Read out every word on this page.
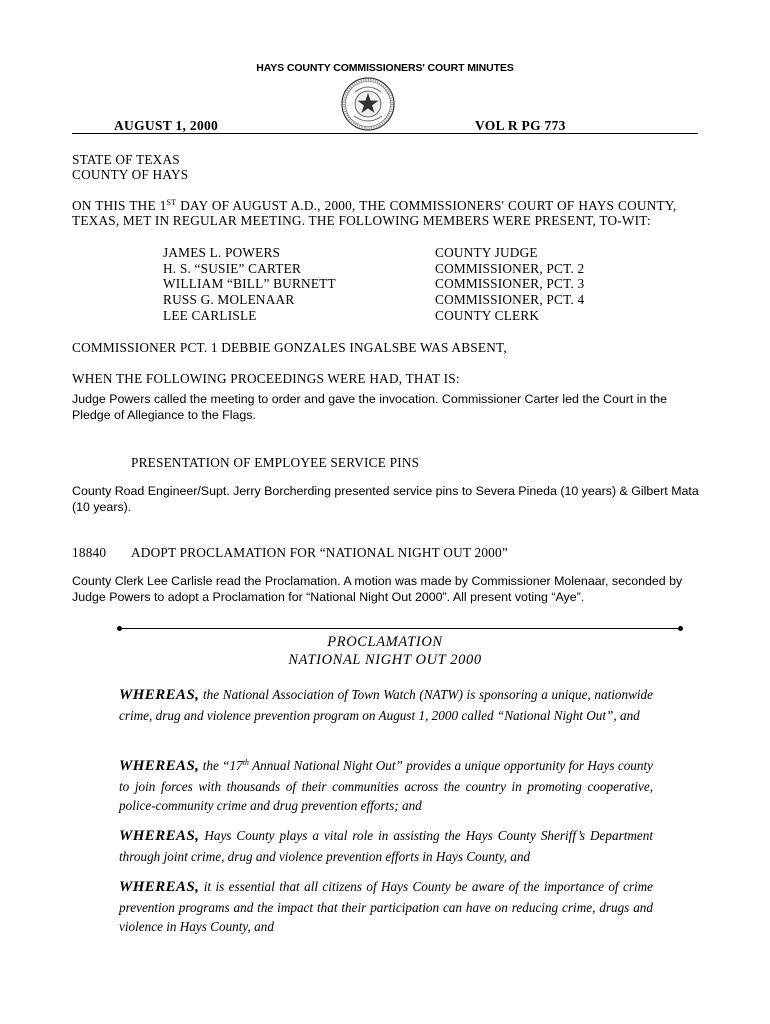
HAYS COUNTY COMMISSIONERS' COURT MINUTES
AUGUST 1, 2000	VOL R PG 773
STATE OF TEXAS
COUNTY OF HAYS
ON THIS THE 1ST DAY OF AUGUST A.D., 2000, THE COMMISSIONERS' COURT OF HAYS COUNTY,
TEXAS, MET IN REGULAR MEETING. THE FOLLOWING MEMBERS WERE PRESENT, TO-WIT:
JAMES L. POWERS	COUNTY JUDGE
H. S. “SUSIE” CARTER	COMMISSIONER, PCT. 2
WILLIAM “BILL” BURNETT	COMMISSIONER, PCT. 3
RUSS G. MOLENAAR	COMMISSIONER, PCT. 4
LEE CARLISLE	COUNTY CLERK
COMMISSIONER PCT. 1 DEBBIE GONZALES INGALSBE WAS ABSENT,
WHEN THE FOLLOWING PROCEEDINGS WERE HAD, THAT IS:
Judge Powers called the meeting to order and gave the invocation. Commissioner Carter led the Court in the
Pledge of Allegiance to the Flags.
PRESENTATION OF EMPLOYEE SERVICE PINS
County Road Engineer/Supt. Jerry Borcherding presented service pins to Severa Pineda (10 years) & Gilbert Mata
(10 years).
18840 ADOPT PROCLAMATION FOR “NATIONAL NIGHT OUT 2000”
County Clerk Lee Carlisle read the Proclamation. A motion was made by Commissioner Molenaar, seconded by
Judge Powers to adopt a Proclamation for “National Night Out 2000”. All present voting “Aye”.
PROCLAMATION
NATIONAL NIGHT OUT 2000
WHEREAS, the National Association of Town Watch (NATW) is sponsoring a unique, nationwide crime, drug and violence prevention program on August 1, 2000 called “National Night Out”, and
WHEREAS, the “17th Annual National Night Out” provides a unique opportunity for Hays county to join forces with thousands of their communities across the country in promoting cooperative, police-community crime and drug prevention efforts; and
WHEREAS, Hays County plays a vital role in assisting the Hays County Sheriff’s Department through joint crime, drug and violence prevention efforts in Hays County, and
WHEREAS, it is essential that all citizens of Hays County be aware of the importance of crime prevention programs and the impact that their participation can have on reducing crime, drugs and violence in Hays County, and
